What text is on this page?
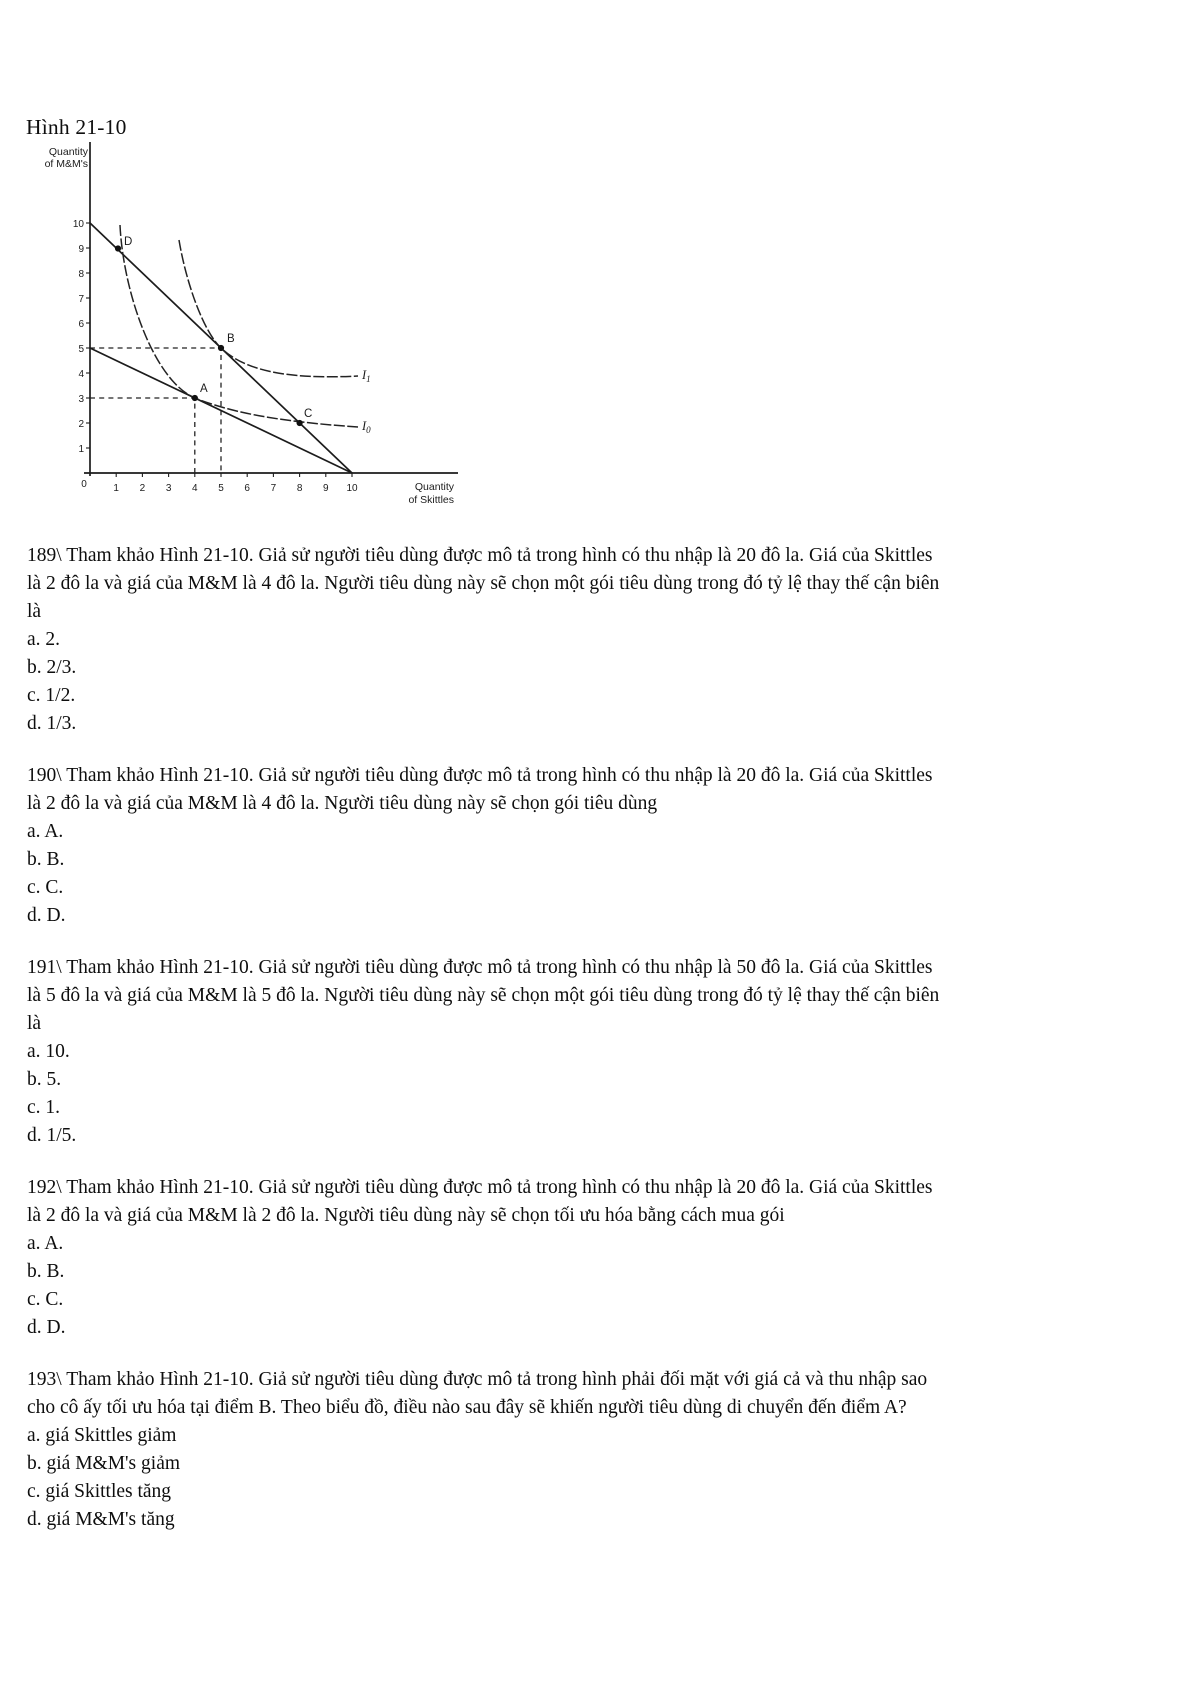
Hình 21-10
D
B
A
C
$I_1$
$I_0$
1
2
3
4
5
6
7
8
9
10
0	1 2 3 4 5 6 7 8 9 10
Quantity
of M&M's
Quantity
of Skittles
189\ Tham khảo Hình 21-10. Giả sử người tiêu dùng được mô tả trong hình có thu nhập là 20 đô la. Giá của Skittles
là 2 đô la và giá của M&M là 4 đô la. Người tiêu dùng này sẽ chọn một gói tiêu dùng trong đó tỷ lệ thay thế cận biên
là
a. 2.
b. 2/3.
c. 1/2.
d. 1/3.
190\ Tham khảo Hình 21-10. Giả sử người tiêu dùng được mô tả trong hình có thu nhập là 20 đô la. Giá của Skittles
là 2 đô la và giá của M&M là 4 đô la. Người tiêu dùng này sẽ chọn gói tiêu dùng
a. A.
b. B.
c. C.
d. D.
191\ Tham khảo Hình 21-10. Giả sử người tiêu dùng được mô tả trong hình có thu nhập là 50 đô la. Giá của Skittles
là 5 đô la và giá của M&M là 5 đô la. Người tiêu dùng này sẽ chọn một gói tiêu dùng trong đó tỷ lệ thay thế cận biên
là
a. 10.
b. 5.
c. 1.
d. 1/5.
192\ Tham khảo Hình 21-10. Giả sử người tiêu dùng được mô tả trong hình có thu nhập là 20 đô la. Giá của Skittles
là 2 đô la và giá của M&M là 2 đô la. Người tiêu dùng này sẽ chọn tối ưu hóa bằng cách mua gói
a. A.
b. B.
c. C.
d. D.
193\ Tham khảo Hình 21-10. Giả sử người tiêu dùng được mô tả trong hình phải đối mặt với giá cả và thu nhập sao
cho cô ấy tối ưu hóa tại điểm B. Theo biểu đồ, điều nào sau đây sẽ khiến người tiêu dùng di chuyển đến điểm A?
a. giá Skittles giảm
b. giá M&M's giảm
c. giá Skittles tăng
d. giá M&M's tăng
